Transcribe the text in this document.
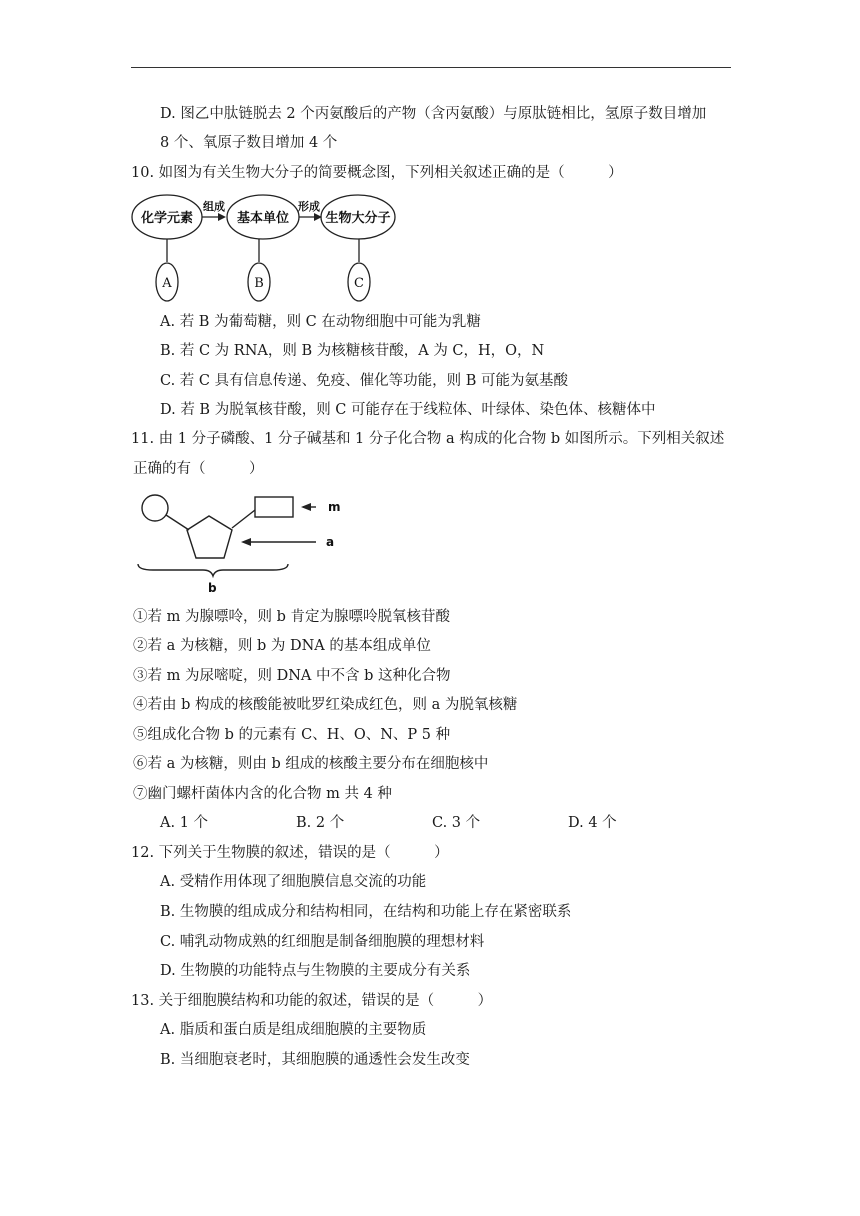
D. 图乙中肽链脱去 2 个丙氨酸后的产物（含丙氨酸）与原肽链相比，氢原子数目增加
8 个、氧原子数目增加 4 个
10. 如图为有关生物大分子的简要概念图，下列相关叙述正确的是（　　　）
化学元素	基本单位	生物大分子
组成	形成
A	B	C
A. 若 B 为葡萄糖，则 C 在动物细胞中可能为乳糖
B. 若 C 为 RNA，则 B 为核糖核苷酸，A 为 C，H，O，N
C. 若 C 具有信息传递、免疫、催化等功能，则 B 可能为氨基酸
D. 若 B 为脱氧核苷酸，则 C 可能存在于线粒体、叶绿体、染色体、核糖体中
11. 由 1 分子磷酸、1 分子碱基和 1 分子化合物 a 构成的化合物 b 如图所示。下列相关叙述
正确的有（　　　）
m
a
b
①若 m 为腺嘌呤，则 b 肯定为腺嘌呤脱氧核苷酸
②若 a 为核糖，则 b 为 DNA 的基本组成单位
③若 m 为尿嘧啶，则 DNA 中不含 b 这种化合物
④若由 b 构成的核酸能被吡罗红染成红色，则 a 为脱氧核糖
⑤组成化合物 b 的元素有 C、H、O、N、P 5 种
⑥若 a 为核糖，则由 b 组成的核酸主要分布在细胞核中
⑦幽门螺杆菌体内含的化合物 m 共 4 种
A. 1 个	B. 2 个	C. 3 个	D. 4 个
12. 下列关于生物膜的叙述，错误的是（　　　）
A. 受精作用体现了细胞膜信息交流的功能
B. 生物膜的组成成分和结构相同，在结构和功能上存在紧密联系
C. 哺乳动物成熟的红细胞是制备细胞膜的理想材料
D. 生物膜的功能特点与生物膜的主要成分有关系
13. 关于细胞膜结构和功能的叙述，错误的是（　　　）
A. 脂质和蛋白质是组成细胞膜的主要物质
B. 当细胞衰老时，其细胞膜的通透性会发生改变
